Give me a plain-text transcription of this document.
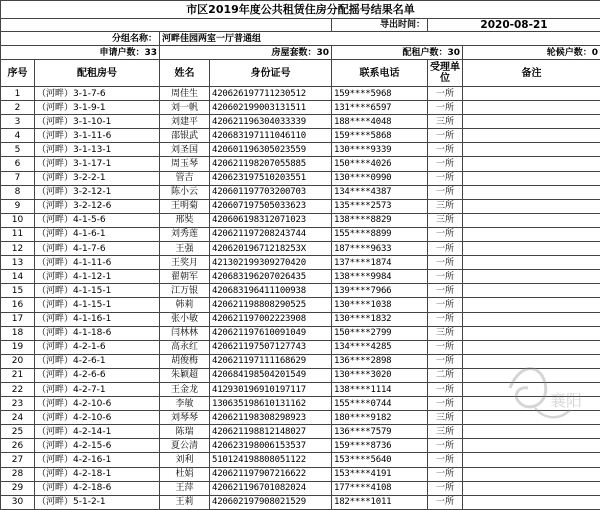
市区2019年度公共租赁住房分配摇号结果名单						
				导出时间：	2020-08-21	
分组名称：		河畔佳园两室一厅普通组				
申请户数：33		房屋套数：30		配租户数：30		轮候户数：0
序号	配租房号	姓名	身份证号	联系电话	受理单位	备注
1	（河畔）3-1-7-6	周佳生	420626197711230512	159****5968	一所	
2	（河畔）3-1-9-1	刘一帆	420602199003131511	131****6597	一所	
3	（河畔）3-1-10-1	刘建平	420621196304033339	188****4048	三所	
4	（河畔）3-1-11-6	邵银武	420683197111046110	159****5868	一所	
5	（河畔）3-1-13-1	刘圣国	420601196305023559	130****9339	一所	
6	（河畔）3-1-17-1	周玉琴	420621198207055885	150****4026	一所	
7	（河畔）3-2-2-1	管吉	420623197510203551	130****0990	一所	
8	（河畔）3-2-12-1	陈小云	420601197703200703	134****4387	一所	
9	（河畔）3-2-12-6	王明菊	420607197505033623	135****2573	三所	
10	（河畔）4-1-5-6	邢奘	420606198312071023	138****8829	三所	
11	（河畔）4-1-6-1	刘秀莲	420621197208243744	155****8899	一所	
12	（河畔）4-1-7-6	王强	42062019671218253X	187****9633	一所	
13	（河畔）4-1-11-6	王奖月	421302199309270420	137****1874	一所	
14	（河畔）4-1-12-1	翟朝军	420683196207026435	138****9984	一所	
15	（河畔）4-1-15-1	江万银	420683196411100938	139****7966	一所	
16	（河畔）4-1-15-1	韩莉	420621198808290525	130****1038	一所	
17	（河畔）4-1-16-1	张小敏	420621197002223908	130****1832	一所	
18	（河畔）4-1-18-6	闫林林	420621197610091049	150****2799	三所	
19	（河畔）4-2-1-6	高永红	420621197507127743	134****4285	一所	
20	（河畔）4-2-6-1	胡俊梅	420621197111168629	136****2898	一所	
21	（河畔）4-2-6-6	朱颖超	420684198504201549	130****3020	二所	
22	（河畔）4-2-7-1	王金龙	412930196910197117	138****1114	一所	
23	（河畔）4-2-10-6	李敏	130635198610131162	155****0744	一所	
24	（河畔）4-2-10-6	刘琴琴	420621198308298923	180****9182	三所	
25	（河畔）4-2-14-1	陈瑞	420621198812148027	136****7579	三所	
26	（河畔）4-2-15-6	夏公清	420623198006153537	159****8736	一所	
27	（河畔）4-2-16-1	刘利	510124198808051122	153****5640	一所	
28	（河畔）4-2-18-1	杜娟	420621197907216622	153****4191	一所	
29	（河畔）4-2-18-6	王萍	420621196701082024	177****4108	一所	
30	（河畔）5-1-2-1	王莉	420602197908021529	182****1011	一所	
襄阳
